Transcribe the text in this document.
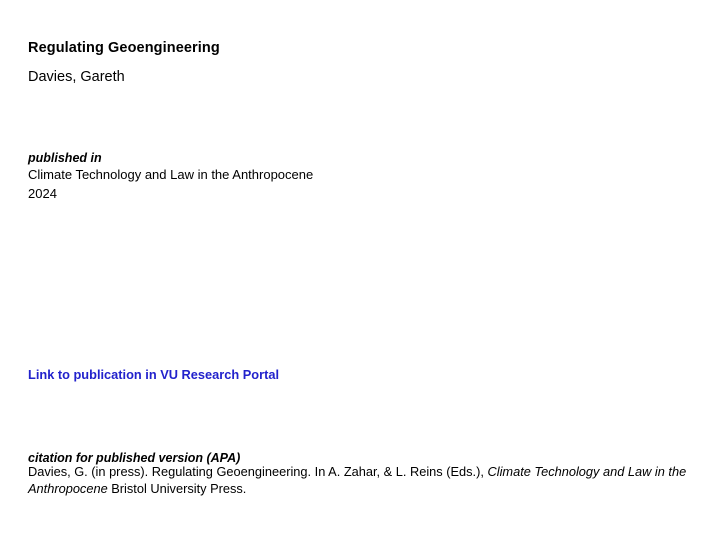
Regulating Geoengineering
Davies, Gareth
published in
Climate Technology and Law in the Anthropocene
2024
Link to publication in VU Research Portal
citation for published version (APA)
Davies, G. (in press). Regulating Geoengineering. In A. Zahar, & L. Reins (Eds.), Climate Technology and Law in the Anthropocene Bristol University Press.
